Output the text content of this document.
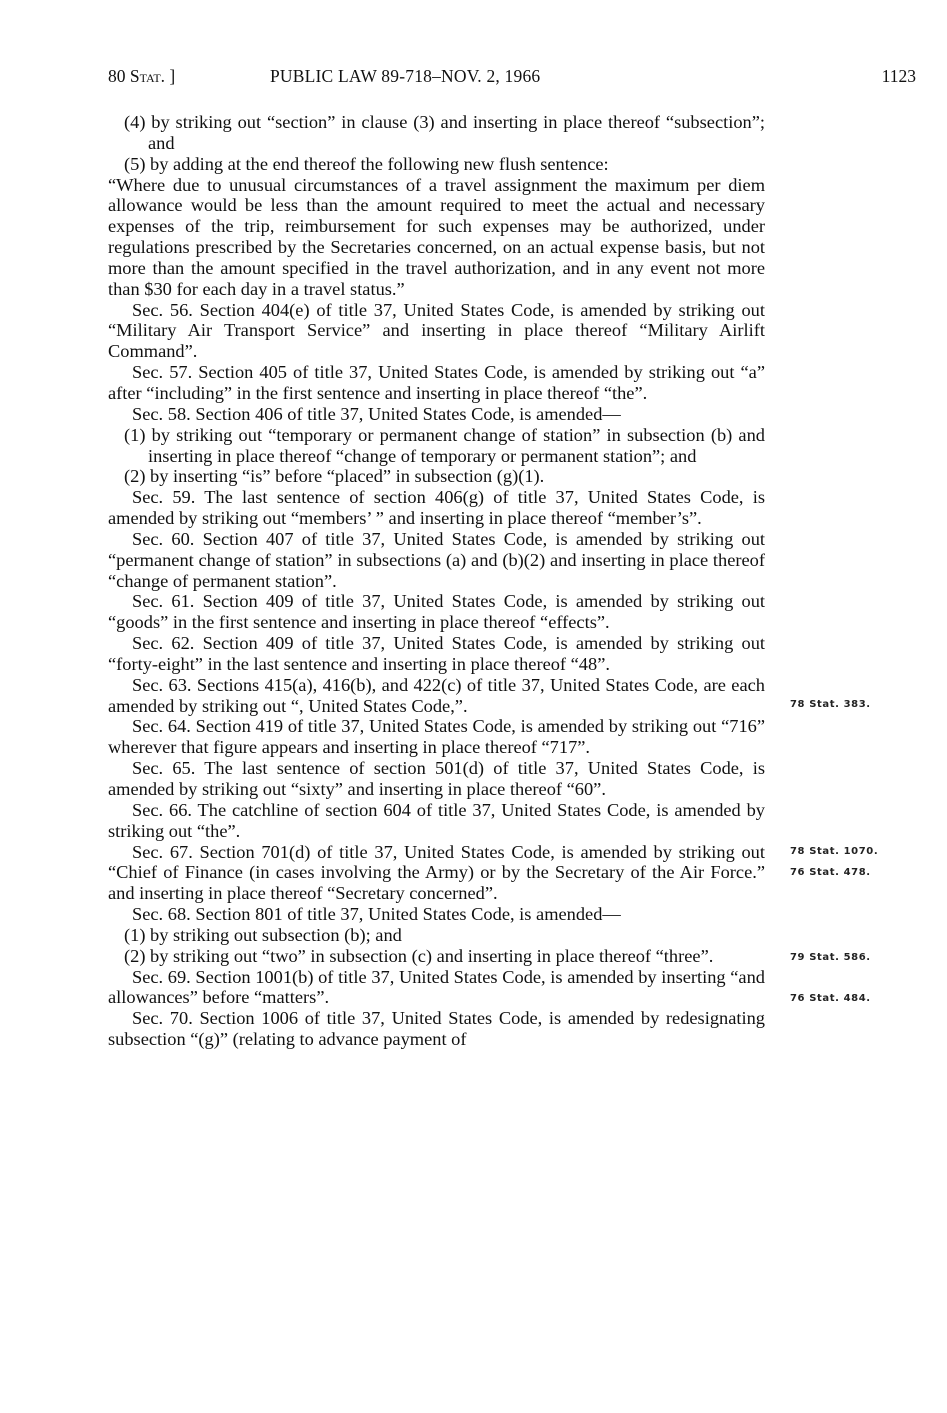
80 Stat. ]	PUBLIC LAW 89-718–NOV. 2, 1966	1123

(4) by striking out “section” in clause (3) and inserting in place thereof “subsection”; and

(5) by adding at the end thereof the following new flush sentence:

“Where due to unusual circumstances of a travel assignment the maximum per diem allowance would be less than the amount required to meet the actual and necessary expenses of the trip, reimbursement for such expenses may be authorized, under regulations prescribed by the Secretaries concerned, on an actual expense basis, but not more than the amount specified in the travel authorization, and in any event not more than $30 for each day in a travel status.”

Sec. 56. Section 404(e) of title 37, United States Code, is amended by striking out “Military Air Transport Service” and inserting in place thereof “Military Airlift Command”.

Sec. 57. Section 405 of title 37, United States Code, is amended by striking out “a” after “including” in the first sentence and inserting in place thereof “the”.

Sec. 58. Section 406 of title 37, United States Code, is amended—

(1) by striking out “temporary or permanent change of station” in subsection (b) and inserting in place thereof “change of temporary or permanent station”; and

(2) by inserting “is” before “placed” in subsection (g)(1).

Sec. 59. The last sentence of section 406(g) of title 37, United States Code, is amended by striking out “members’ ” and inserting in place thereof “member’s”.

Sec. 60. Section 407 of title 37, United States Code, is amended by striking out “permanent change of station” in subsections (a) and (b)(2) and inserting in place thereof “change of permanent station”.

Sec. 61. Section 409 of title 37, United States Code, is amended by striking out “goods” in the first sentence and inserting in place thereof “effects”.

Sec. 62. Section 409 of title 37, United States Code, is amended by striking out “forty-eight” in the last sentence and inserting in place thereof “48”.

Sec. 63. Sections 415(a), 416(b), and 422(c) of title 37, United States Code, are each amended by striking out “, United States Code,”.

Sec. 64. Section 419 of title 37, United States Code, is amended by striking out “716” wherever that figure appears and inserting in place thereof “717”.

Sec. 65. The last sentence of section 501(d) of title 37, United States Code, is amended by striking out “sixty” and inserting in place thereof “60”.

Sec. 66. The catchline of section 604 of title 37, United States Code, is amended by striking out “the”.

Sec. 67. Section 701(d) of title 37, United States Code, is amended by striking out “Chief of Finance (in cases involving the Army) or by the Secretary of the Air Force.” and inserting in place thereof “Secretary concerned”.

Sec. 68. Section 801 of title 37, United States Code, is amended—

(1) by striking out subsection (b); and

(2) by striking out “two” in subsection (c) and inserting in place thereof “three”.

Sec. 69. Section 1001(b) of title 37, United States Code, is amended by inserting “and allowances” before “matters”.

Sec. 70. Section 1006 of title 37, United States Code, is amended by redesignating subsection “(g)” (relating to advance payment of

78 Stat. 383.
78 Stat. 1070.
76 Stat. 478.
79 Stat. 586.
76 Stat. 484.
